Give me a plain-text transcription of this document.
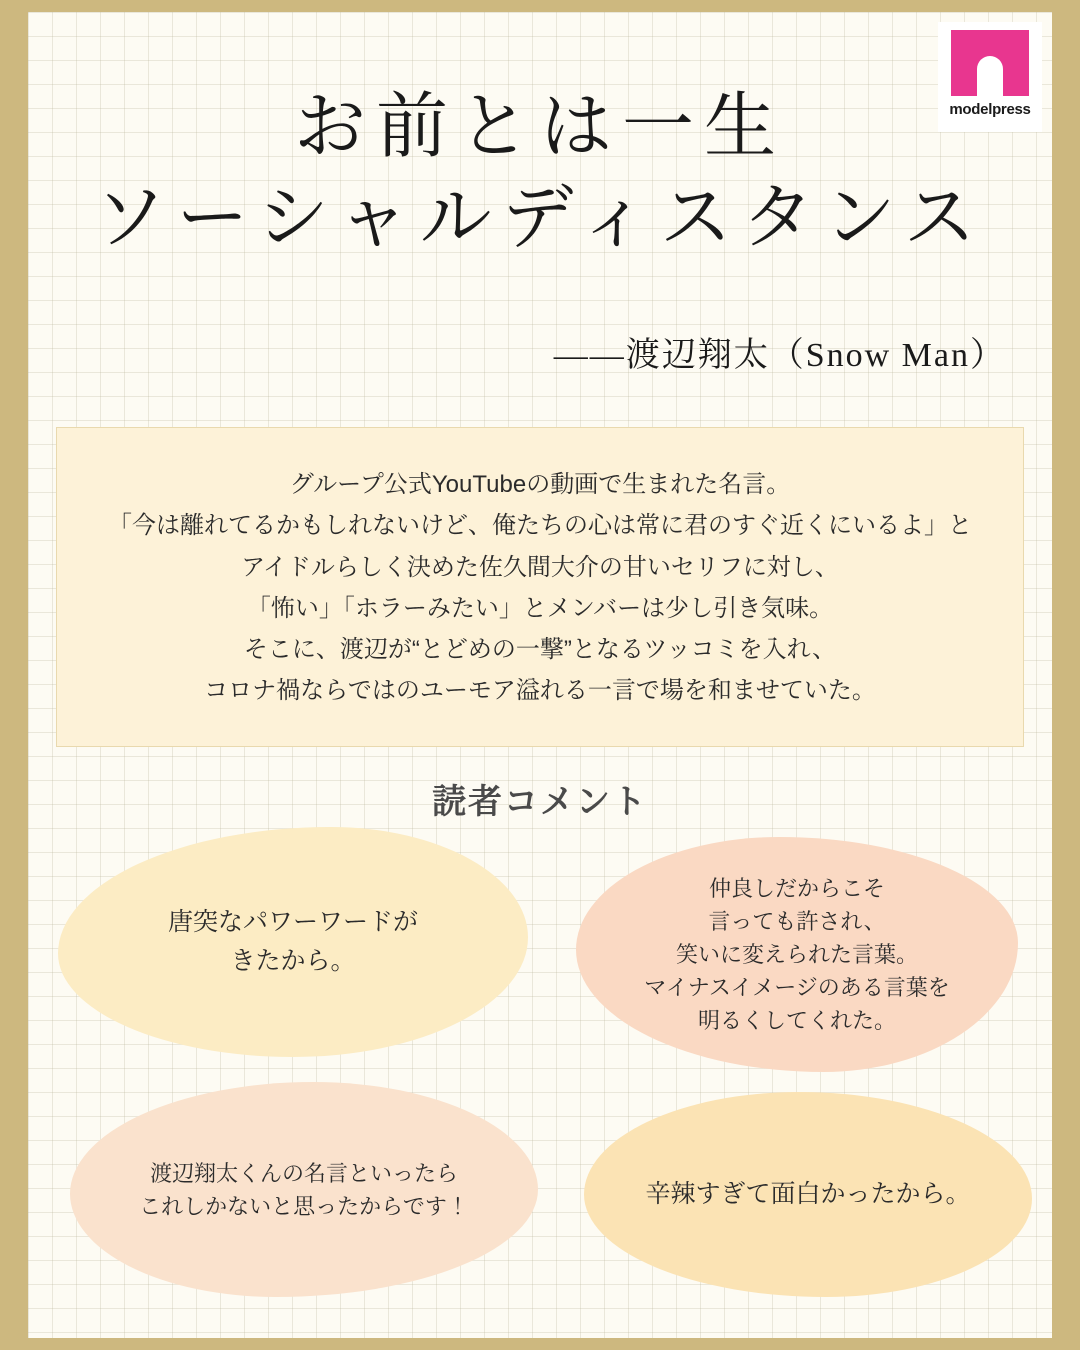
modelpress
お前とは一生
ソーシャルディスタンス
――渡辺翔太（Snow Man）
グループ公式YouTubeの動画で生まれた名言。
「今は離れてるかもしれないけど、俺たちの心は常に君のすぐ近くにいるよ」と
アイドルらしく決めた佐久間大介の甘いセリフに対し、
「怖い」「ホラーみたい」とメンバーは少し引き気味。
そこに、渡辺が“とどめの一撃”となるツッコミを入れ、
コロナ禍ならではのユーモア溢れる一言で場を和ませていた。
読者コメント

唐突なパワーワードが
きたから。

仲良しだからこそ
言っても許され、
笑いに変えられた言葉。
マイナスイメージのある言葉を
明るくしてくれた。

渡辺翔太くんの名言といったら
これしかないと思ったからです！	辛辣すぎて面白かったから。
